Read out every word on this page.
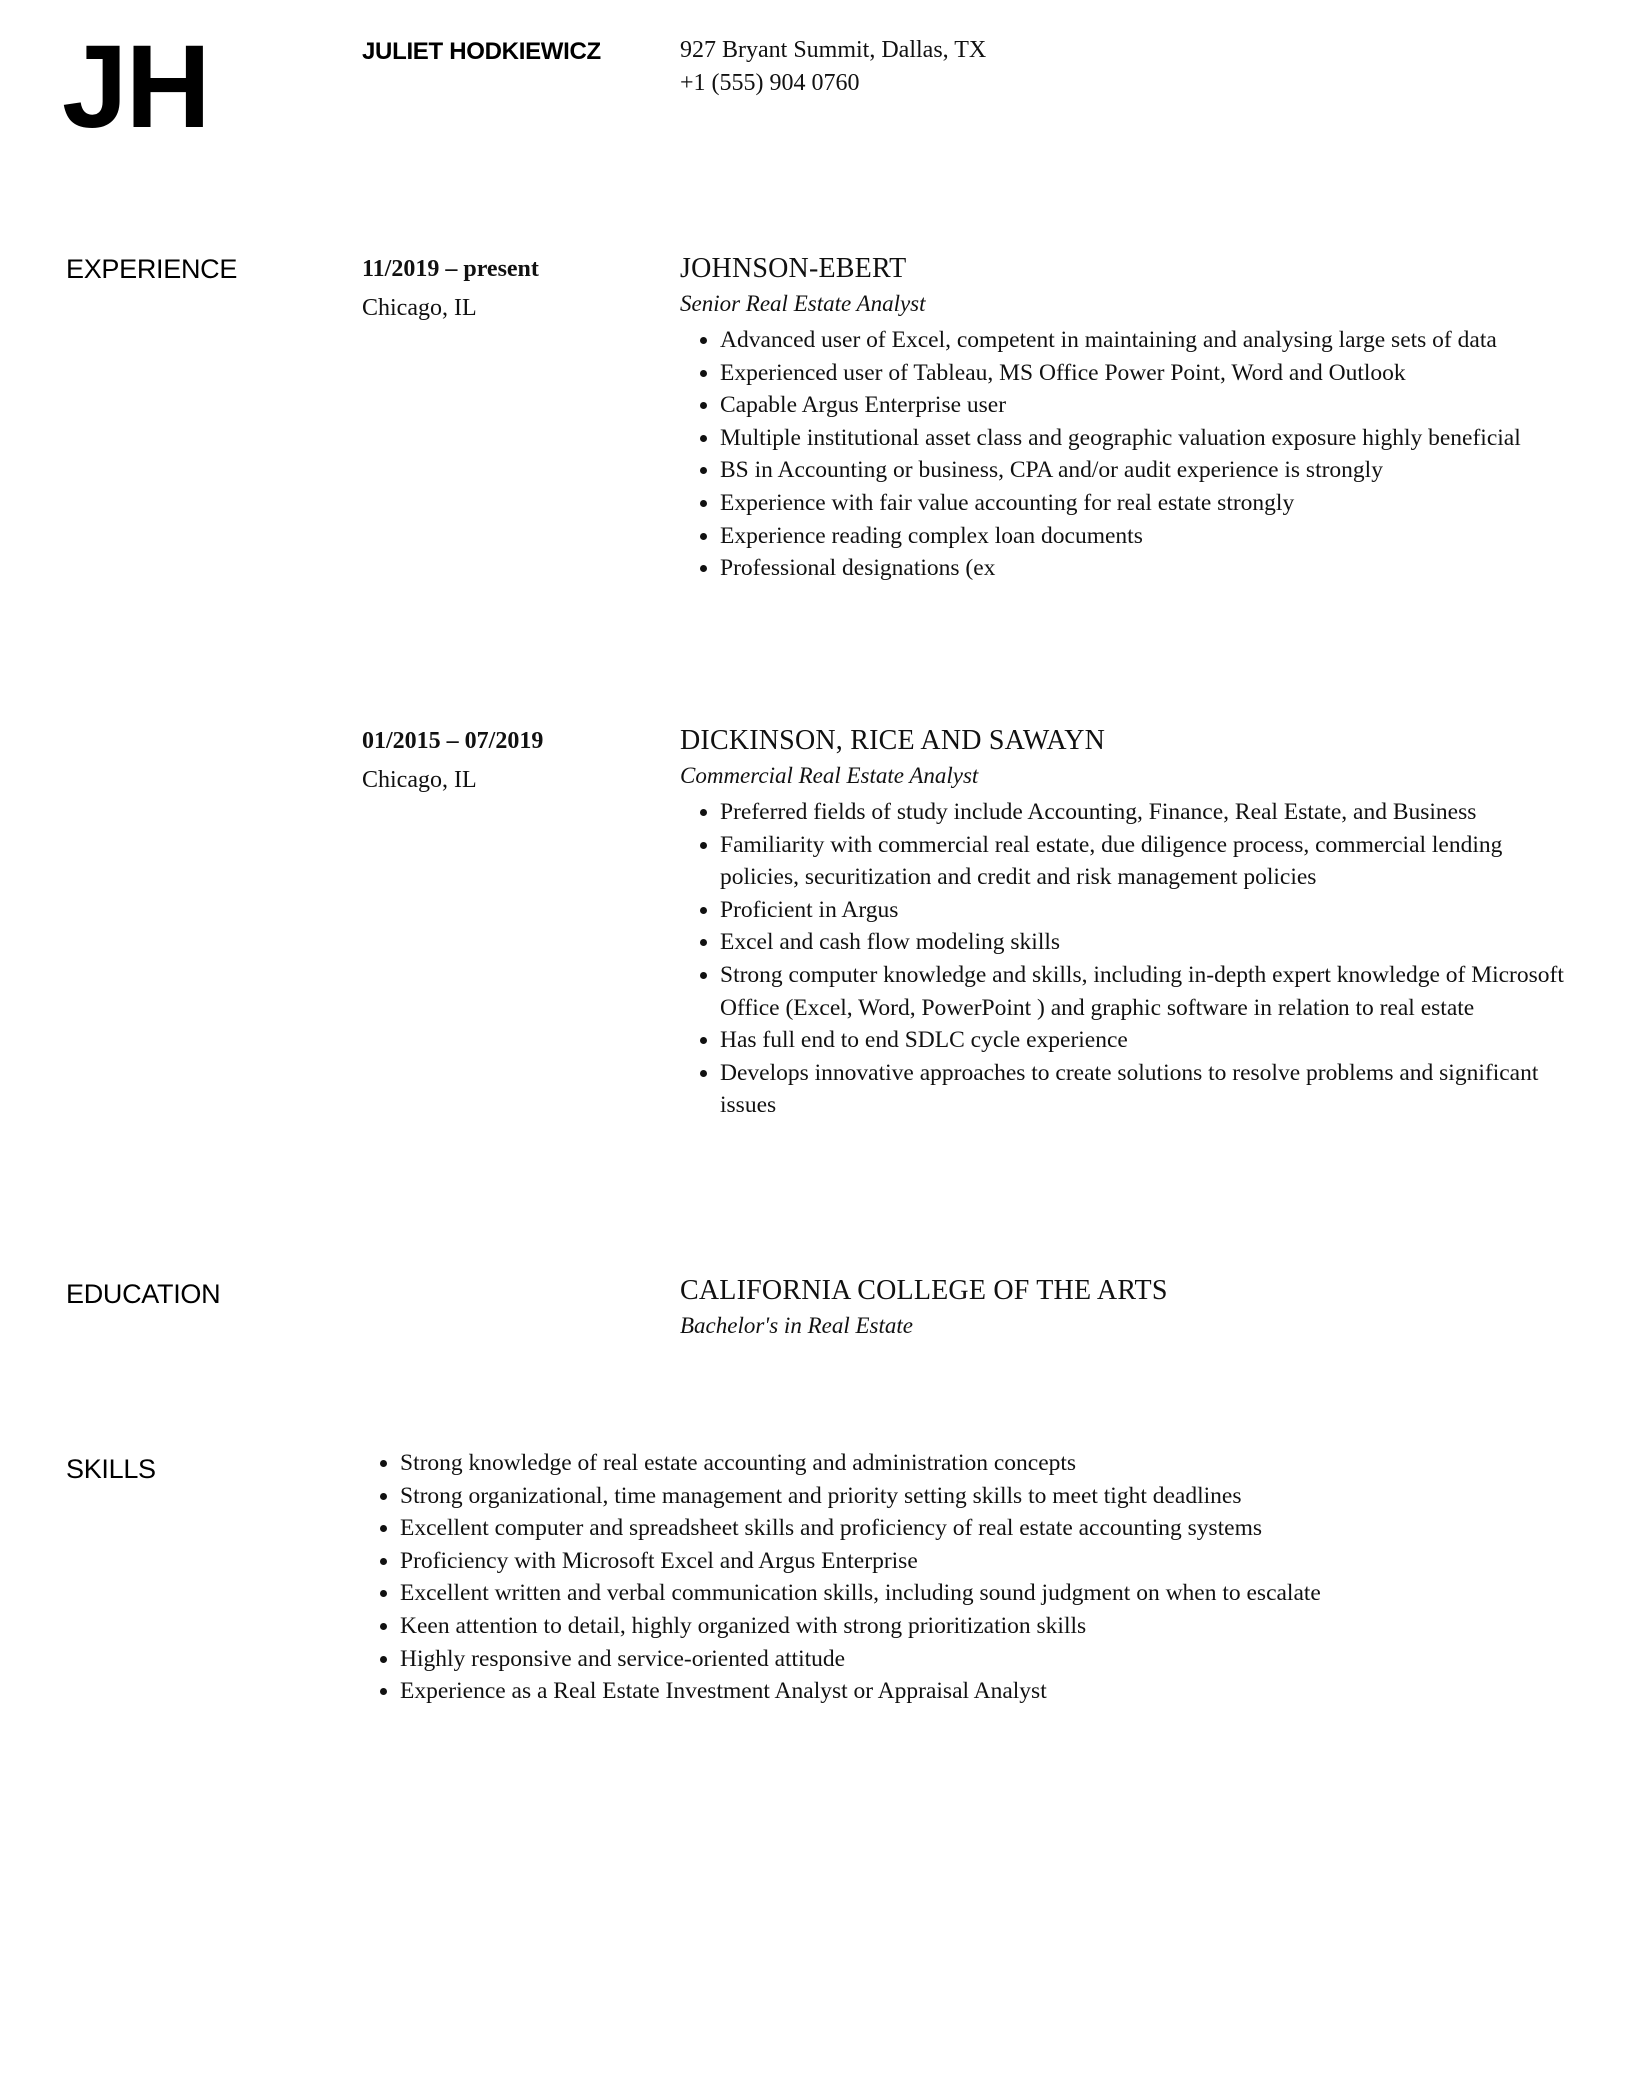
JH	JULIET HODKIEWICZ	927 Bryant Summit, Dallas, TX
+1 (555) 904 0760
EXPERIENCE	11/2019 – present
Chicago, IL
JOHNSON-EBERT
Senior Real Estate Analyst
• Advanced user of Excel, competent in maintaining and analysing large sets of data
• Experienced user of Tableau, MS Office Power Point, Word and Outlook
• Capable Argus Enterprise user
• Multiple institutional asset class and geographic valuation exposure highly beneficial
• BS in Accounting or business, CPA and/or audit experience is strongly
• Experience with fair value accounting for real estate strongly
• Experience reading complex loan documents
• Professional designations (ex
01/2015 – 07/2019
Chicago, IL
DICKINSON, RICE AND SAWAYN
Commercial Real Estate Analyst
• Preferred fields of study include Accounting, Finance, Real Estate, and Business
• Familiarity with commercial real estate, due diligence process, commercial lending policies, securitization and credit and risk management policies
• Proficient in Argus
• Excel and cash flow modeling skills
• Strong computer knowledge and skills, including in-depth expert knowledge of Microsoft Office (Excel, Word, PowerPoint ) and graphic software in relation to real estate
• Has full end to end SDLC cycle experience
• Develops innovative approaches to create solutions to resolve problems and significant issues
EDUCATION	CALIFORNIA COLLEGE OF THE ARTS
Bachelor's in Real Estate
SKILLS	• Strong knowledge of real estate accounting and administration concepts
• Strong organizational, time management and priority setting skills to meet tight deadlines
• Excellent computer and spreadsheet skills and proficiency of real estate accounting systems
• Proficiency with Microsoft Excel and Argus Enterprise
• Excellent written and verbal communication skills, including sound judgment on when to escalate
• Keen attention to detail, highly organized with strong prioritization skills
• Highly responsive and service-oriented attitude
• Experience as a Real Estate Investment Analyst or Appraisal Analyst
